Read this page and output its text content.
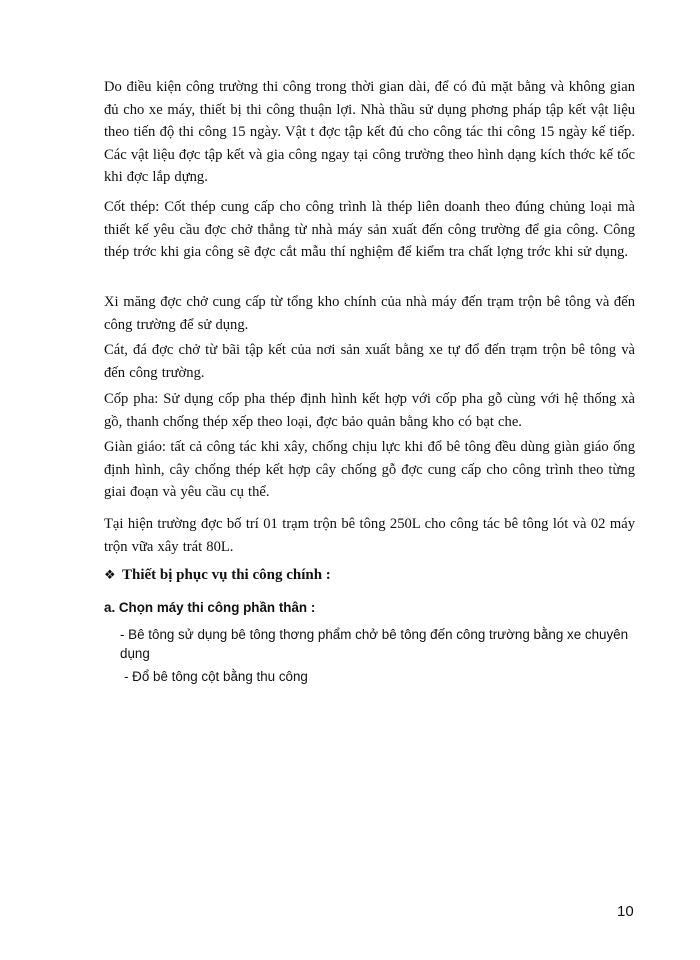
Do điều kiện công trường thi công trong thời gian dài, để có đủ mặt bằng và không gian đủ cho xe máy, thiết bị thi công thuận lợi. Nhà thầu sử dụng phơng pháp tập kết vật liệu theo tiến độ thi công 15 ngày. Vật t đợc tập kết đủ cho công tác thi công 15 ngày kế tiếp. Các vật liệu đợc tập kết và gia công ngay tại công trường theo hình dạng kích thớc kế tốc khi đợc lắp dựng.

Cốt thép: Cốt thép cung cấp cho công trình là thép liên doanh theo đúng chủng loại mà thiết kế yêu cầu đợc chở thẳng từ nhà máy sản xuất đến công trường để gia công. Công thép trớc khi gia công sẽ đợc cắt mẫu thí nghiệm để kiểm tra chất lợng trớc khi sử dụng.

Xi măng đợc chở cung cấp từ tổng kho chính của nhà máy đến trạm trộn bê tông và đến công trường để sử dụng.

Cát, đá đợc chở từ bãi tập kết của nơi sản xuất bằng xe tự đổ đến trạm trộn bê tông và đến công trường.

Cốp pha: Sử dụng cốp pha thép định hình kết hợp với cốp pha gỗ cùng với hệ thống xà gồ, thanh chống thép xếp theo loại, đợc bảo quản bằng kho có bạt che.

Giàn giáo: tất cả công tác khi xây, chống chịu lực khi đổ bê tông đều dùng giàn giáo ống định hình, cây chống thép kết hợp cây chống gỗ đợc cung cấp cho công trình theo từng giai đoạn và yêu cầu cụ thể.

Tại hiện trường đợc bố trí 01 trạm trộn bê tông 250L cho công tác bê tông lót và 02 máy trộn vữa xây trát 80L.

❖ Thiết bị phục vụ thi công chính :

a. Chọn máy thi công phần thân :

- Bê tông sử dụng bê tông thơng phẩm chở bê tông đến công trường bằng xe chuyên dụng

- Đổ bê tông cột bằng thu công

10
